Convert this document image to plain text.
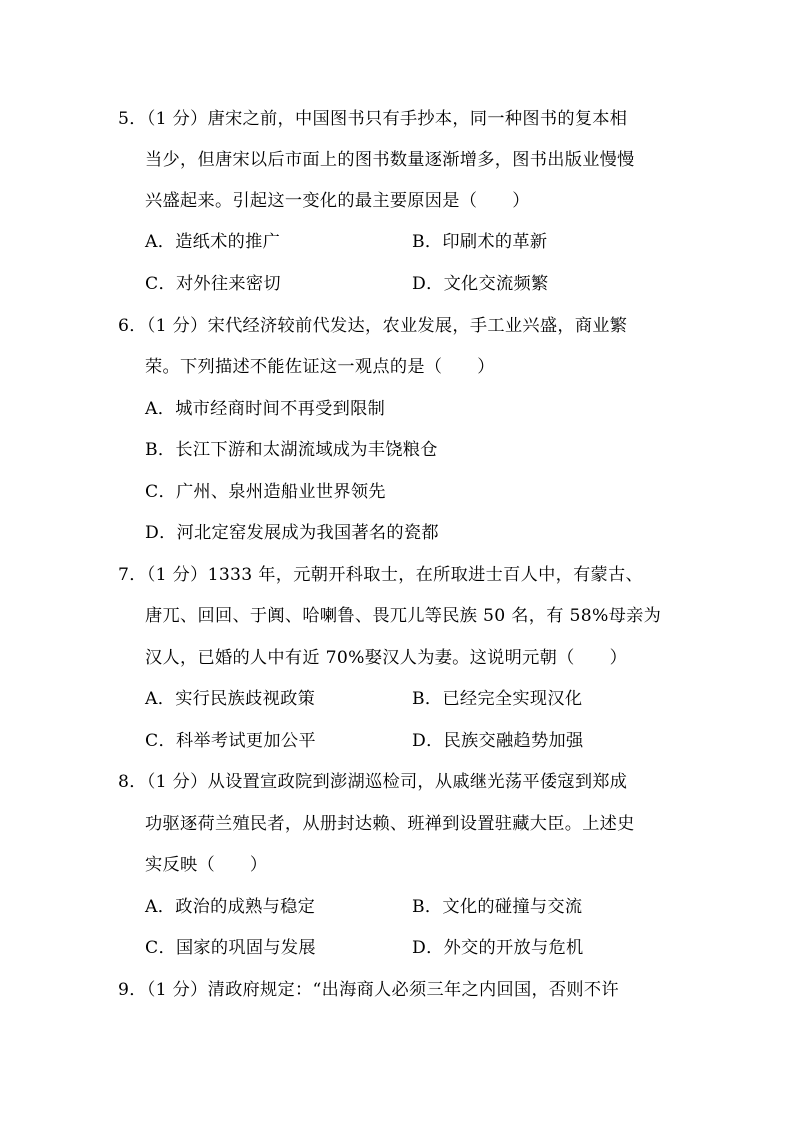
5．（1 分）唐宋之前，中国图书只有手抄本，同一种图书的复本相
当少，但唐宋以后市面上的图书数量逐渐增多，图书出版业慢慢
兴盛起来。引起这一变化的最主要原因是（　　）
A．造纸术的推广	B．印刷术的革新
C．对外往来密切	D．文化交流频繁
6．（1 分）宋代经济较前代发达，农业发展，手工业兴盛，商业繁
荣。下列描述不能佐证这一观点的是（　　）
A．城市经商时间不再受到限制
B．长江下游和太湖流域成为丰饶粮仓
C．广州、泉州造船业世界领先
D．河北定窑发展成为我国著名的瓷都
7．（1 分）1333 年，元朝开科取士，在所取进士百人中，有蒙古、
唐兀、回回、于阗、哈喇鲁、畏兀儿等民族 50 名，有 58%母亲为
汉人，已婚的人中有近 70%娶汉人为妻。这说明元朝（　　）
A．实行民族歧视政策	B．已经完全实现汉化
C．科举考试更加公平	D．民族交融趋势加强
8．（1 分）从设置宣政院到澎湖巡检司，从戚继光荡平倭寇到郑成
功驱逐荷兰殖民者，从册封达赖、班禅到设置驻藏大臣。上述史
实反映（　　）
A．政治的成熟与稳定	B．文化的碰撞与交流
C．国家的巩固与发展	D．外交的开放与危机
9．（1 分）清政府规定：“出海商人必须三年之内回国，否则不许
